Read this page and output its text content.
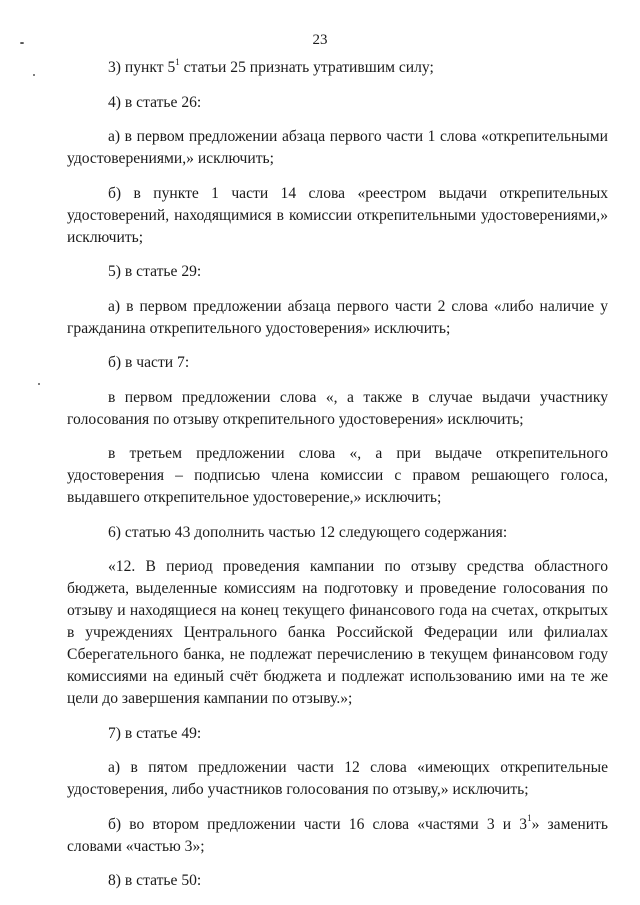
23

3) пункт $5^1$ статьи 25 признать утратившим силу;

4) в статье 26:

а) в первом предложении абзаца первого части 1 слова «открепительными удостоверениями,» исключить;

б) в пункте 1 части 14 слова «реестром выдачи открепительных удостоверений, находящимися в комиссии открепительными удостоверениями,» исключить;

5) в статье 29:

а) в первом предложении абзаца первого части 2 слова «либо наличие у гражданина открепительного удостоверения» исключить;

б) в части 7:

в первом предложении слова «, а также в случае выдачи участнику голосования по отзыву открепительного удостоверения» исключить;

в третьем предложении слова «, а при выдаче открепительного удостоверения – подписью члена комиссии с правом решающего голоса, выдавшего открепительное удостоверение,» исключить;

6) статью 43 дополнить частью 12 следующего содержания:

«12. В период проведения кампании по отзыву средства областного бюджета, выделенные комиссиям на подготовку и проведение голосования по отзыву и находящиеся на конец текущего финансового года на счетах, открытых в учреждениях Центрального банка Российской Федерации или филиалах Сберегательного банка, не подлежат перечислению в текущем финансовом году комиссиями на единый счёт бюджета и подлежат использованию ими на те же цели до завершения кампании по отзыву.»;

7) в статье 49:

а) в пятом предложении части 12 слова «имеющих открепительные удостоверения, либо участников голосования по отзыву,» исключить;

б) во втором предложении части 16 слова «частями 3 и $3^1$» заменить словами «частью 3»;

8) в статье 50:
